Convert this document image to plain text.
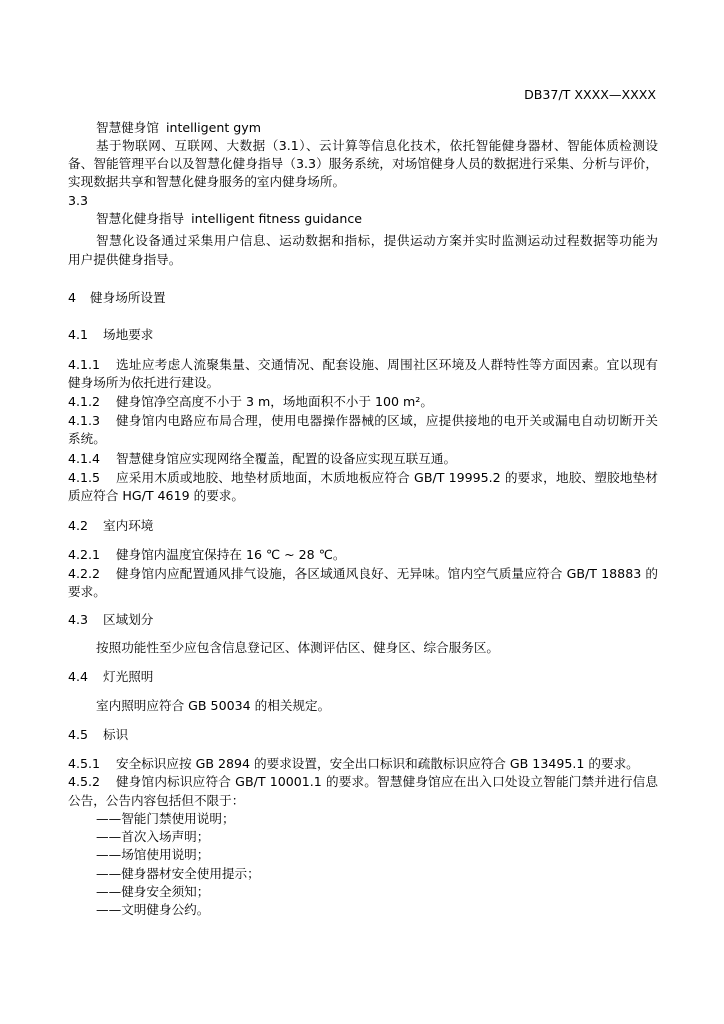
DB37/T XXXX—XXXX
智慧健身馆 intelligent gym
基于物联网、互联网、大数据（3.1）、云计算等信息化技术，依托智能健身器材、智能体质检测设
备、智能管理平台以及智慧化健身指导（3.3）服务系统，对场馆健身人员的数据进行采集、分析与评价，
实现数据共享和智慧化健身服务的室内健身场所。
3.3
智慧化健身指导 intelligent fitness guidance
智慧化设备通过采集用户信息、运动数据和指标，提供运动方案并实时监测运动过程数据等功能为
用户提供健身指导。
4	健身场所设置
4.1	场地要求
4.1.1	选址应考虑人流聚集量、交通情况、配套设施、周围社区环境及人群特性等方面因素。宜以现有
健身场所为依托进行建设。
4.1.2	健身馆净空高度不小于 3 m，场地面积不小于 100 m²。
4.1.3	健身馆内电路应布局合理，使用电器操作器械的区域，应提供接地的电开关或漏电自动切断开关
系统。
4.1.4	智慧健身馆应实现网络全覆盖，配置的设备应实现互联互通。
4.1.5	应采用木质或地胶、地垫材质地面，木质地板应符合 GB/T 19995.2 的要求，地胶、塑胶地垫材
质应符合 HG/T 4619 的要求。
4.2	室内环境
4.2.1	健身馆内温度宜保持在 16 ℃ ~ 28 ℃。
4.2.2	健身馆内应配置通风排气设施，各区域通风良好、无异味。馆内空气质量应符合 GB/T 18883 的
要求。
4.3	区域划分
按照功能性至少应包含信息登记区、体测评估区、健身区、综合服务区。
4.4	灯光照明
室内照明应符合 GB 50034 的相关规定。
4.5	标识
4.5.1	安全标识应按 GB 2894 的要求设置，安全出口标识和疏散标识应符合 GB 13495.1 的要求。
4.5.2	健身馆内标识应符合 GB/T 10001.1 的要求。智慧健身馆应在出入口处设立智能门禁并进行信息
公告，公告内容包括但不限于：
——智能门禁使用说明；
——首次入场声明；
——场馆使用说明；
——健身器材安全使用提示；
——健身安全须知；
——文明健身公约。
